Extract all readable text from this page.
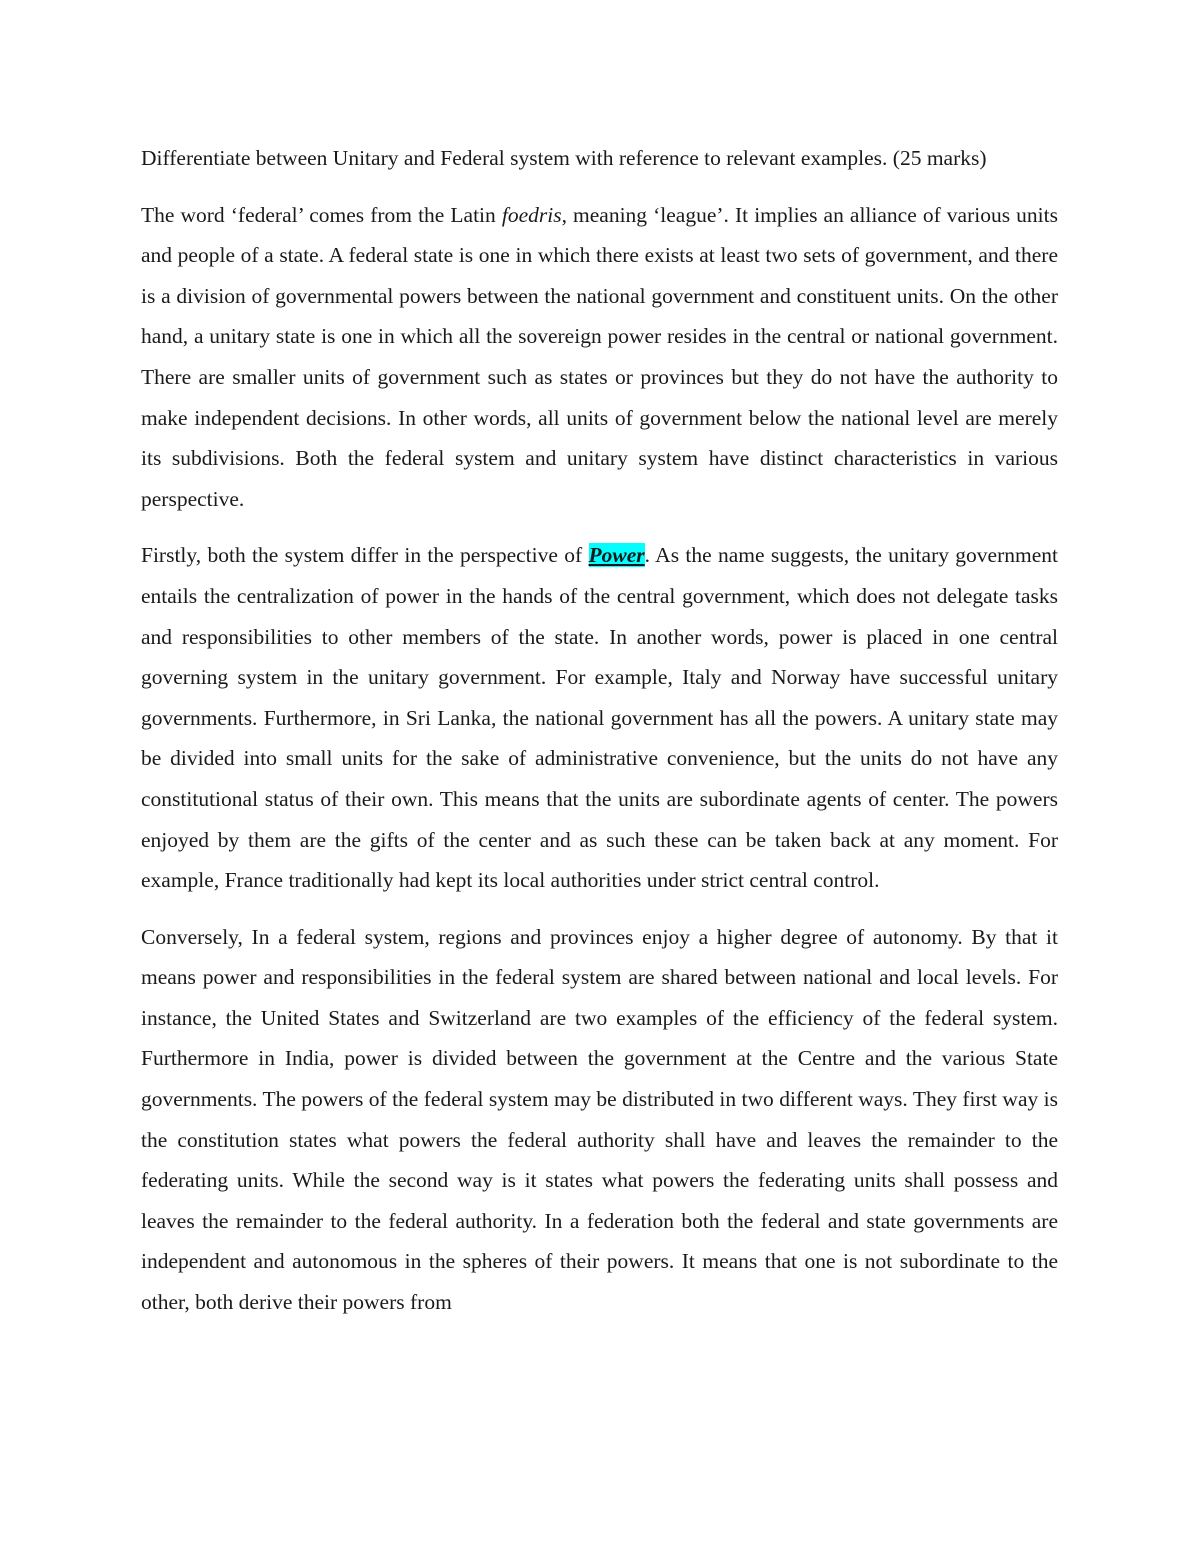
Differentiate between Unitary and Federal system with reference to relevant examples. (25 marks)

The word ‘federal’ comes from the Latin foedris, meaning ‘league’. It implies an alliance of various units and people of a state. A federal state is one in which there exists at least two sets of government, and there is a division of governmental powers between the national government and constituent units. On the other hand, a unitary state is one in which all the sovereign power resides in the central or national government. There are smaller units of government such as states or provinces but they do not have the authority to make independent decisions. In other words, all units of government below the national level are merely its subdivisions. Both the federal system and unitary system have distinct characteristics in various perspective.

Firstly, both the system differ in the perspective of Power. As the name suggests, the unitary government entails the centralization of power in the hands of the central government, which does not delegate tasks and responsibilities to other members of the state. In another words, power is placed in one central governing system in the unitary government. For example, Italy and Norway have successful unitary governments. Furthermore, in Sri Lanka, the national government has all the powers. A unitary state may be divided into small units for the sake of administrative convenience, but the units do not have any constitutional status of their own. This means that the units are subordinate agents of center. The powers enjoyed by them are the gifts of the center and as such these can be taken back at any moment. For example, France traditionally had kept its local authorities under strict central control.

Conversely, In a federal system, regions and provinces enjoy a higher degree of autonomy. By that it means power and responsibilities in the federal system are shared between national and local levels. For instance, the United States and Switzerland are two examples of the efficiency of the federal system. Furthermore in India, power is divided between the government at the Centre and the various State governments. The powers of the federal system may be distributed in two different ways. They first way is the constitution states what powers the federal authority shall have and leaves the remainder to the federating units. While the second way is it states what powers the federating units shall possess and leaves the remainder to the federal authority. In a federation both the federal and state governments are independent and autonomous in the spheres of their powers. It means that one is not subordinate to the other, both derive their powers from
